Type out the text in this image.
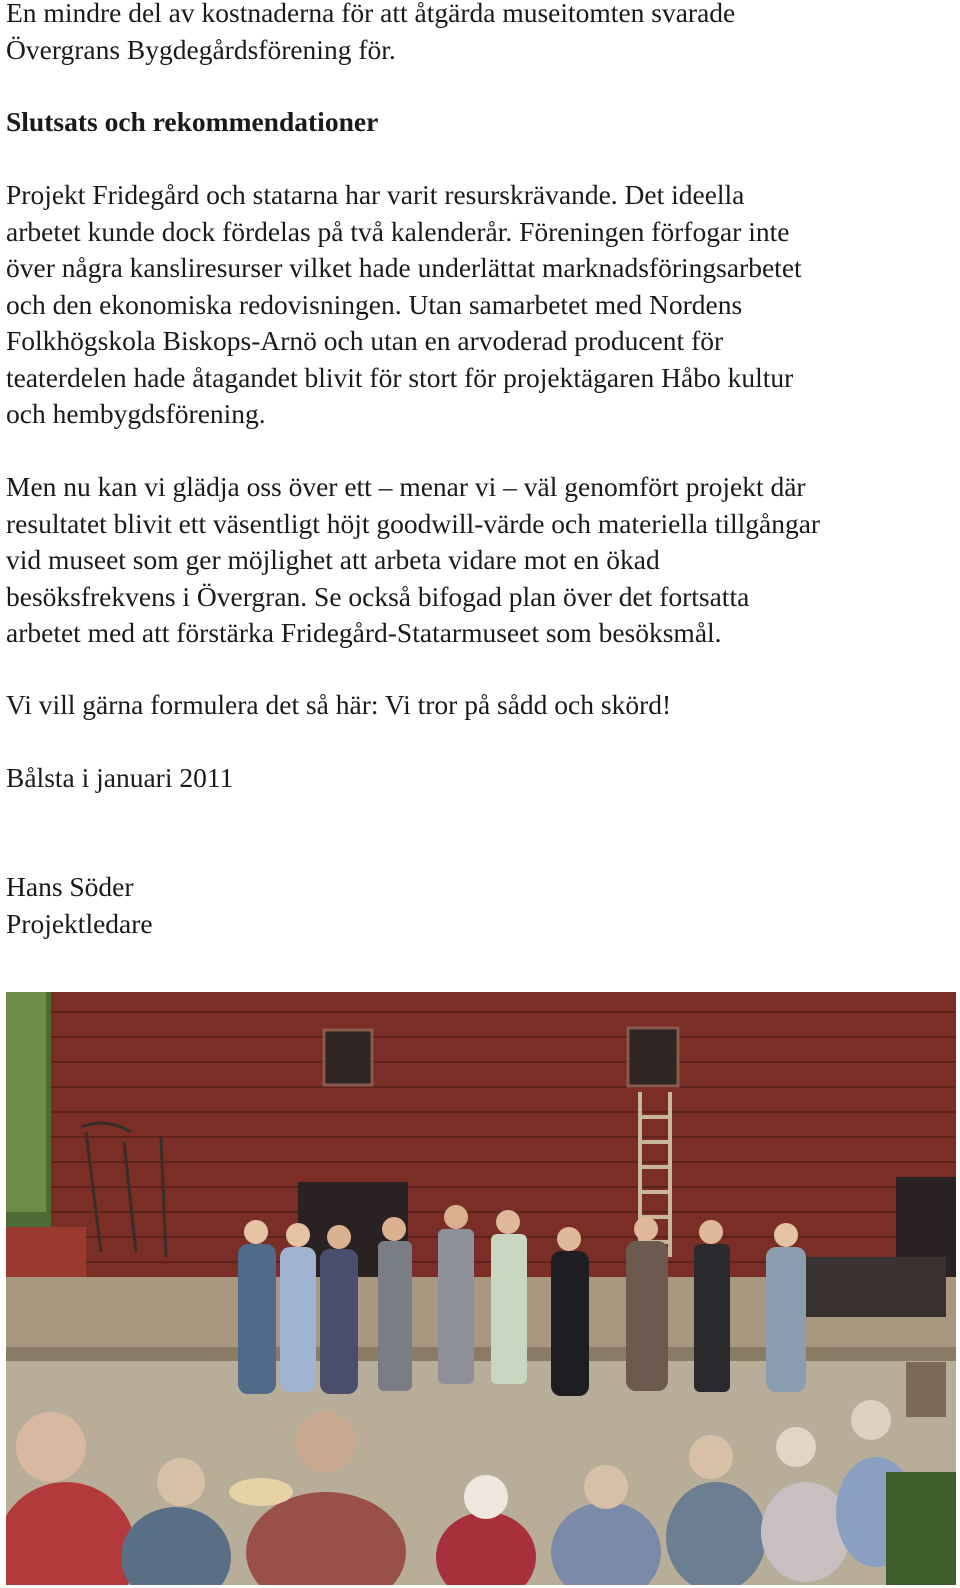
En mindre del av kostnaderna för att åtgärda museitomten svarade
Övergrans Bygdegårdsförening för.
Slutsats och rekommendationer
Projekt Fridegård och statarna har varit resurskrävande. Det ideella
arbetet kunde dock fördelas på två kalenderår. Föreningen förfogar inte
över några kansliresurser vilket hade underlättat marknadsföringsarbetet
och den ekonomiska redovisningen. Utan samarbetet med Nordens
Folkhögskola Biskops-Arnö och utan en arvoderad producent för
teaterdelen hade åtagandet blivit för stort för projektägaren Håbo kultur
och hembygdsförening.
Men nu kan vi glädja oss över ett – menar vi – väl genomfört projekt där
resultatet blivit ett väsentligt höjt goodwill-värde och materiella tillgångar
vid museet som ger möjlighet att arbeta vidare mot en ökad
besöksfrekvens i Övergran. Se också bifogad plan över det fortsatta
arbetet med att förstärka Fridegård-Statarmuseet som besöksmål.
Vi vill gärna formulera det så här: Vi tror på sådd och skörd!
Bålsta i januari 2011
Hans Söder
Projektledare
